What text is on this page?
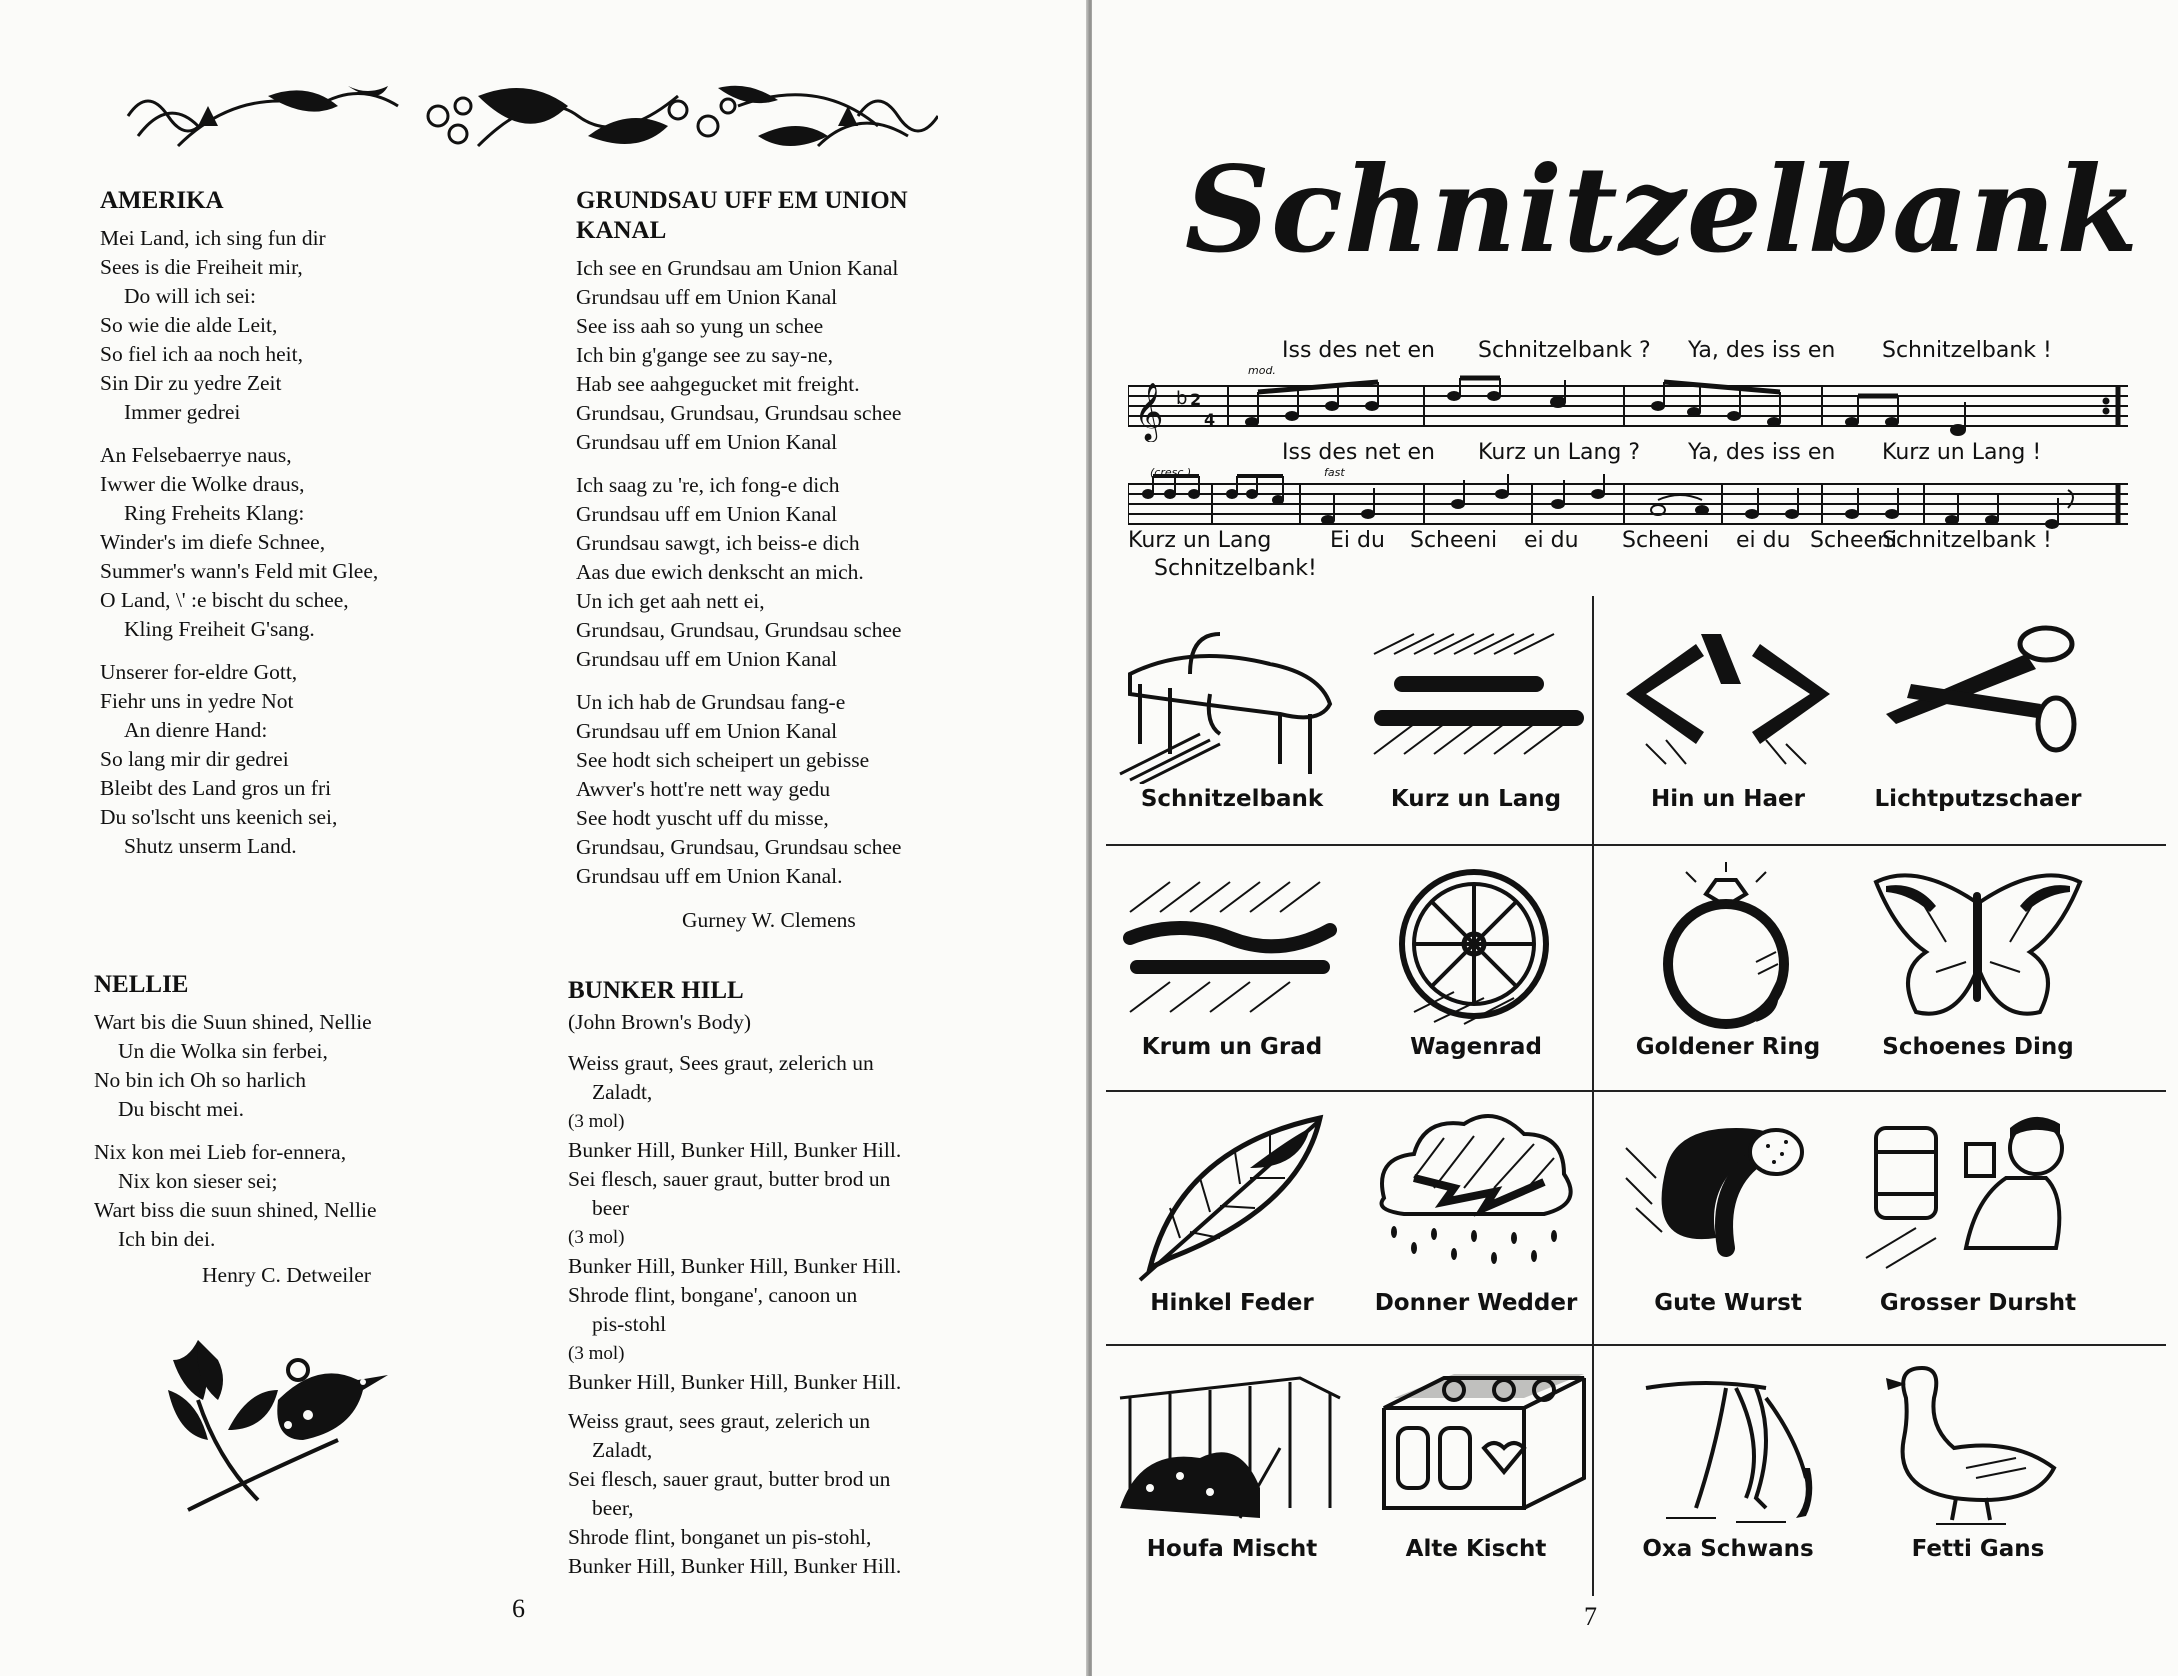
AMERIKA
Mei Land, ich sing fun dir
Sees is die Freiheit mir,
Do will ich sei:
So wie die alde Leit,
So fiel ich aa noch heit,
Sin Dir zu yedre Zeit
Immer gedrei
An Felsebaerrye naus,
Iwwer die Wolke draus,
Ring Freheits Klang:
Winder's im diefe Schnee,
Summer's wann's Feld mit Glee,
O Land, \' :e bischt du schee,
Kling Freiheit G'sang.
Unserer for-eldre Gott,
Fiehr uns in yedre Not
An dienre Hand:
So lang mir dir gedrei
Bleibt des Land gros un fri
Du so'lscht uns keenich sei,
Shutz unserm Land.
NELLIE
Wart bis die Suun shined, Nellie
Un die Wolka sin ferbei,
No bin ich Oh so harlich
Du bischt mei.
Nix kon mei Lieb for-ennera,
Nix kon sieser sei;
Wart biss die suun shined, Nellie
Ich bin dei.
Henry C. Detweiler
GRUNDSAU UFF EM UNION KANAL
Ich see en Grundsau am Union Kanal
Grundsau uff em Union Kanal
See iss aah so yung un schee
Ich bin g'gange see zu say-ne,
Hab see aahgegucket mit freight.
Grundsau, Grundsau, Grundsau schee
Grundsau uff em Union Kanal
Ich saag zu 're, ich fong-e dich
Grundsau uff em Union Kanal
Grundsau sawgt, ich beiss-e dich
Aas due ewich denkscht an mich.
Un ich get aah nett ei,
Grundsau, Grundsau, Grundsau schee
Grundsau uff em Union Kanal
Un ich hab de Grundsau fang-e
Grundsau uff em Union Kanal
See hodt sich scheipert un gebisse
Awver's hott're nett way gedu
See hodt yuscht uff du misse,
Grundsau, Grundsau, Grundsau schee
Grundsau uff em Union Kanal.
Gurney W. Clemens
BUNKER HILL
(John Brown's Body)
Weiss graut, Sees graut, zelerich un
Zaladt,
(3 mol)
Bunker Hill, Bunker Hill, Bunker Hill.
Sei flesch, sauer graut, butter brod un
beer
(3 mol)
Bunker Hill, Bunker Hill, Bunker Hill.
Shrode flint, bongane', canoon un
pis-stohl
(3 mol)
Bunker Hill, Bunker Hill, Bunker Hill.
Weiss graut, sees graut, zelerich un
Zaladt,
Sei flesch, sauer graut, butter brod un
beer,
Shrode flint, bonganet un pis-stohl,
Bunker Hill, Bunker Hill, Bunker Hill.
6
Schnitzelbank
Iss des net en Schnitzelbank ? Ya, des iss en Schnitzelbank !
mod.
𝄞 b 2
4
Iss des net en Kurz un Lang ? Ya, des iss en Kurz un Lang !
(cresc.)	fast
Kurz un Lang	Ei du Scheeni ei du Scheeni ei du Scheeni
Schnitzelbank !
Schnitzelbank!
Schnitzelbank	Kurz un Lang	Hin un Haer	Lichtputzschaer
Krum un Grad	Wagenrad	Goldener Ring	Schoenes Ding
Hinkel Feder	Donner Wedder	Gute Wurst	Grosser Dursht
Houfa Mischt	Alte Kischt	Oxa Schwans	Fetti Gans
7
